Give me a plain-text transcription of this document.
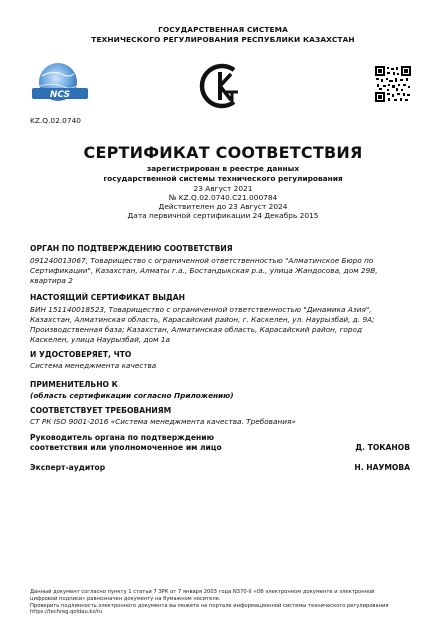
ГОСУДАРСТВЕННАЯ СИСТЕМА
ТЕХНИЧЕСКОГО РЕГУЛИРОВАНИЯ РЕСПУБЛИКИ КАЗАХСТАН
NCS
KZ.Q.02.0740
СЕРТИФИКАТ СООТВЕТСТВИЯ
зарегистрирован в реестре данных
государственной системы технического регулирования
23 Август 2021
№ KZ.Q.02.0740.C21.000784
Действителен до 23 Август 2024
Дата первичной сертификации 24 Декабрь 2015
ОРГАН ПО ПОДТВЕРЖДЕНИЮ СООТВЕТСТВИЯ
091240013067, Товарищество с ограниченной ответственностью "Алматинское Бюро по
Сертификации", Казахстан, Алматы г.а., Бостандыкская р.а., улица Жандосова, дом 29В,
квартира 2
НАСТОЯЩИЙ СЕРТИФИКАТ ВЫДАН
БИН 151140018523, Товарищество с ограниченной ответственностью "Динамика Азия",
Казахстан, Алматинская область, Карасайский район, г. Каскелен, ул. Наурызбай, д. 9А;
Производственная база; Казахстан, Алматинская область, Карасайский район, город
Каскелен, улица Наурызбай, дом 1а
И УДОСТОВЕРЯЕТ, ЧТО
Система менеджмента качества
ПРИМЕНИТЕЛЬНО К
(область сертификации согласно Приложению)
СООТВЕТСТВУЕТ ТРЕБОВАНИЯМ
СТ РК ISO 9001-2016 «Система менеджмента качества. Требования»
Руководитель органа по подтверждению
соответствия или уполномоченное им лицо	Д. ТОКАНОВ
Эксперт-аудитор	Н. НАУМОВА
Данный документ согласно пункту 1 статьи 7 ЗРК от 7 января 2003 года N370-II «Об электронном документе и электронной
цифровой подписи» равнозначен документу на бумажном носителе.
Проверить подлинность электронного документа вы можете на портале информационной системы технического регулирования
https://techreg.qoldau.kz/ru
